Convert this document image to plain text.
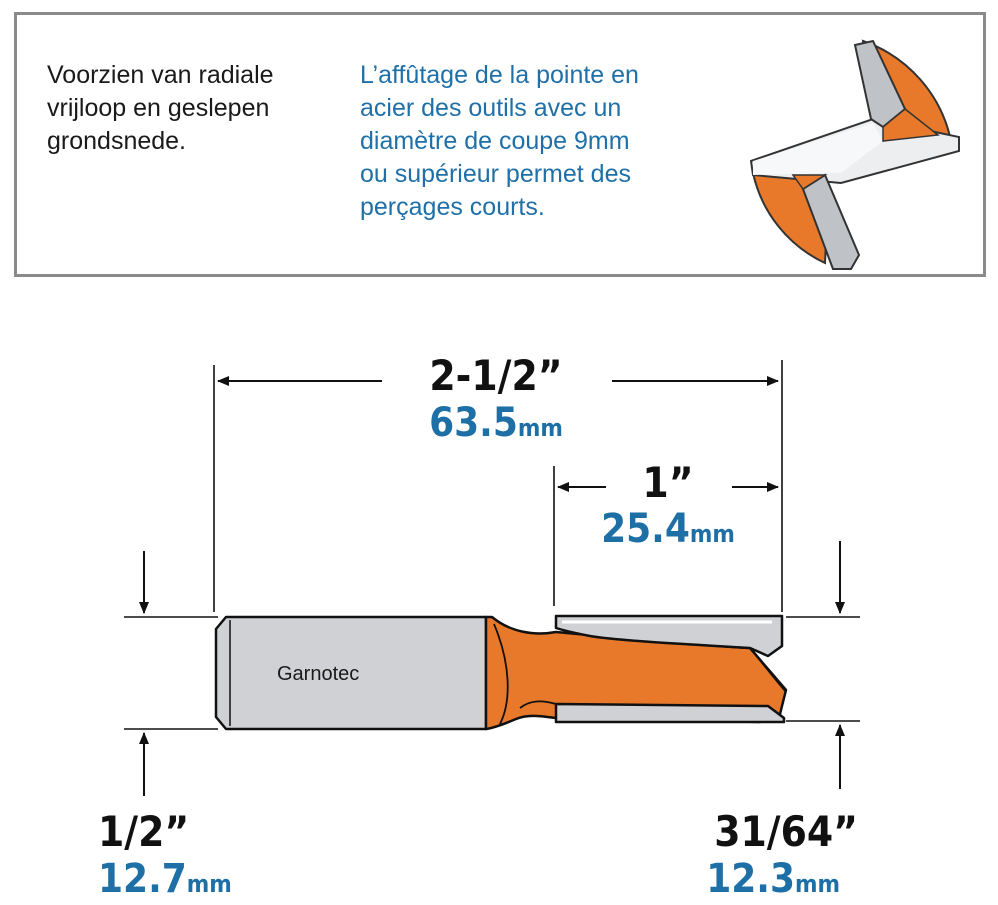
Voorzien van radiale
vrijloop en geslepen
grondsnede.
L’affûtage de la pointe en
acier des outils avec un
diamètre de coupe 9mm
ou supérieur permet des
perçages courts.
Garnotec
2-1/2”
63.5mm
1”
25.4mm
1/2”
12.7mm
31/64”
12.3mm
